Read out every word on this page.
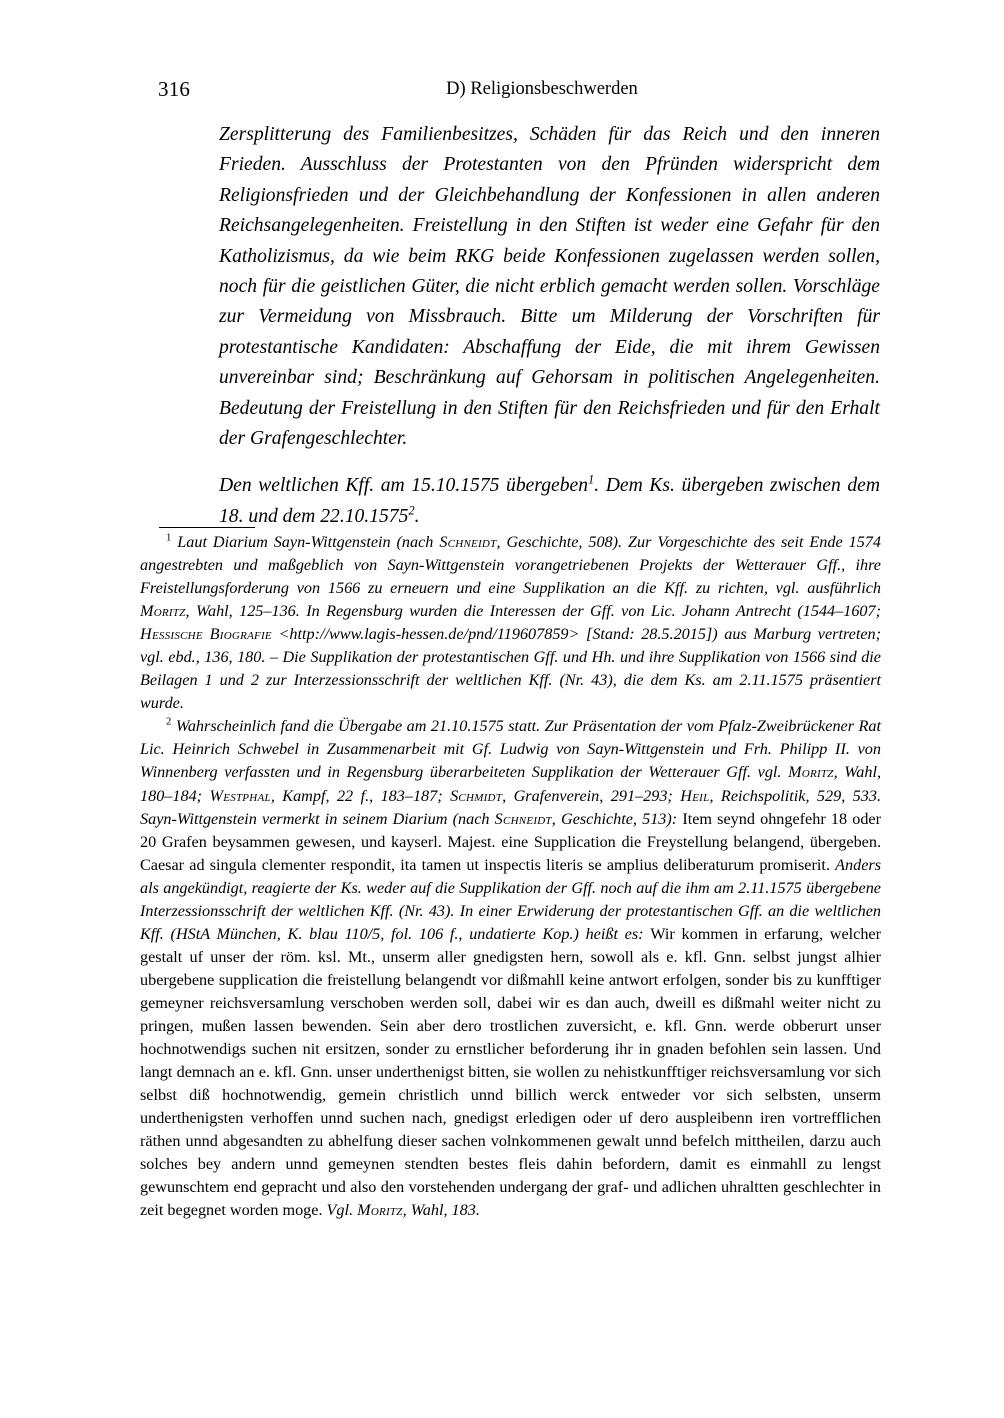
316	D) Religionsbeschwerden

Zersplitterung des Familienbesitzes, Schäden für das Reich und den inneren Frieden. Ausschluss der Protestanten von den Pfründen widerspricht dem Religionsfrieden und der Gleichbehandlung der Konfessionen in allen anderen Reichsangelegenheiten. Freistellung in den Stiften ist weder eine Gefahr für den Katholizismus, da wie beim RKG beide Konfessionen zugelassen werden sollen, noch für die geistlichen Güter, die nicht erblich gemacht werden sollen. Vorschläge zur Vermeidung von Missbrauch. Bitte um Milderung der Vorschriften für protestantische Kandidaten: Abschaffung der Eide, die mit ihrem Gewissen unvereinbar sind; Beschränkung auf Gehorsam in politischen Angelegenheiten. Bedeutung der Freistellung in den Stiften für den Reichsfrieden und für den Erhalt der Grafengeschlechter.

Den weltlichen Kff. am 15.10.1575 übergeben$^1$. Dem Ks. übergeben zwischen dem 18. und dem 22.10.1575$^2$.

$^1$ Laut Diarium Sayn-Wittgenstein (nach Schneidt, Geschichte, 508). Zur Vorgeschichte des seit Ende 1574 angestrebten und maßgeblich von Sayn-Wittgenstein vorangetriebenen Projekts der Wetterauer Gff., ihre Freistellungsforderung von 1566 zu erneuern und eine Supplikation an die Kff. zu richten, vgl. ausführlich Moritz, Wahl, 125–136. In Regensburg wurden die Interessen der Gff. von Lic. Johann Antrecht (1544–1607; Hessische Biografie <http://www.lagis-hessen.de/pnd/119607859> [Stand: 28.5.2015]) aus Marburg vertreten; vgl. ebd., 136, 180. – Die Supplikation der protestantischen Gff. und Hh. und ihre Supplikation von 1566 sind die Beilagen 1 und 2 zur Interzessionsschrift der weltlichen Kff. (Nr. 43), die dem Ks. am 2.11.1575 präsentiert wurde.

$^2$ Wahrscheinlich fand die Übergabe am 21.10.1575 statt. Zur Präsentation der vom Pfalz-Zweibrückener Rat Lic. Heinrich Schwebel in Zusammenarbeit mit Gf. Ludwig von Sayn-Wittgenstein und Frh. Philipp II. von Winnenberg verfassten und in Regensburg überarbeiteten Supplikation der Wetterauer Gff. vgl. Moritz, Wahl, 180–184; Westphal, Kampf, 22 f., 183–187; Schmidt, Grafenverein, 291–293; Heil, Reichspolitik, 529, 533. Sayn-Wittgenstein vermerkt in seinem Diarium (nach Schneidt, Geschichte, 513): Item seynd ohngefehr 18 oder 20 Grafen beysammen gewesen, und kayserl. Majest. eine Supplication die Freystellung belangend, übergeben. Caesar ad singula clementer respondit, ita tamen ut inspectis literis se amplius deliberaturum promiserit. Anders als angekündigt, reagierte der Ks. weder auf die Supplikation der Gff. noch auf die ihm am 2.11.1575 übergebene Interzessionsschrift der weltlichen Kff. (Nr. 43). In einer Erwiderung der protestantischen Gff. an die weltlichen Kff. (HStA München, K. blau 110/5, fol. 106 f., undatierte Kop.) heißt es: Wir kommen in erfarung, welcher gestalt uf unser der röm. ksl. Mt., unserm aller gnedigsten hern, sowoll als e. kfl. Gnn. selbst jungst alhier ubergebene supplication die freistellung belangendt vor dißmahll keine antwort erfolgen, sonder bis zu kunfftiger gemeyner reichsversamlung verschoben werden soll, dabei wir es dan auch, dweill es dißmahl weiter nicht zu pringen, mußen lassen bewenden. Sein aber dero trostlichen zuversicht, e. kfl. Gnn. werde obberurt unser hochnotwendigs suchen nit ersitzen, sonder zu ernstlicher beforderung ihr in gnaden befohlen sein lassen. Und langt demnach an e. kfl. Gnn. unser underthenigst bitten, sie wollen zu nehistkunfftiger reichsversamlung vor sich selbst diß hochnotwendig, gemein christlich unnd billich werck entweder vor sich selbsten, unserm underthenigsten verhoffen unnd suchen nach, gnedigst erledigen oder uf dero auspleibenn iren vortrefflichen räthen unnd abgesandten zu abhelfung dieser sachen volnkommenen gewalt unnd befelch mittheilen, darzu auch solches bey andern unnd gemeynen stendten bestes fleis dahin befordern, damit es einmahll zu lengst gewunschtem end gepracht und also den vorstehenden undergang der graf- und adlichen uhraltten geschlechter in zeit begegnet worden moge. Vgl. Moritz, Wahl, 183.
